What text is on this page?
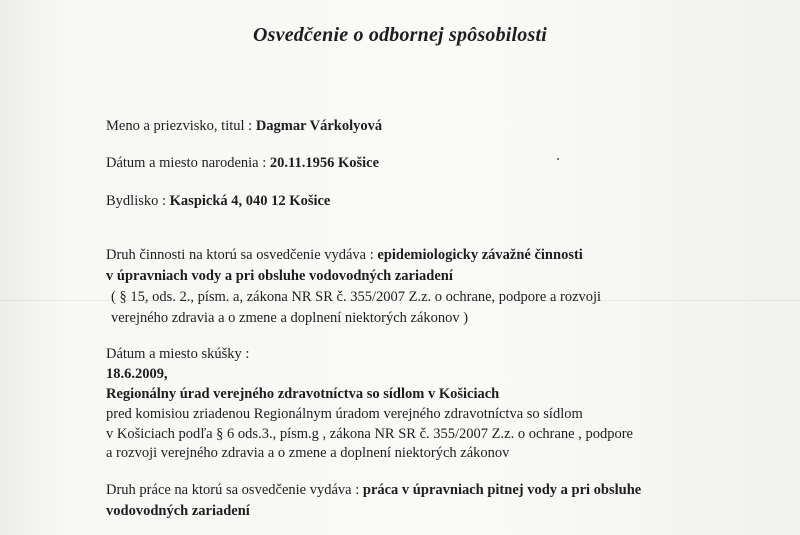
Osvedčenie o odbornej spôsobilosti
Meno a priezvisko, titul : Dagmar Várkolyová
Dátum a miesto narodenia : 20.11.1956 Košice
Bydlisko : Kaspická 4, 040 12 Košice
Druh činnosti na ktorú sa osvedčenie vydáva : epidemiologicky závažné činnosti
v úpravniach vody a pri obsluhe vodovodných zariadení
( § 15, ods. 2., písm. a, zákona NR SR č. 355/2007 Z.z. o ochrane, podpore a rozvoji
verejného zdravia a o zmene a doplnení niektorých zákonov )
Dátum a miesto skúšky :
18.6.2009,
Regionálny úrad verejného zdravotníctva so sídlom v Košiciach
pred komisiou zriadenou Regionálnym úradom verejného zdravotníctva so sídlom
v Košiciach podľa § 6 ods.3., písm.g , zákona NR SR č. 355/2007 Z.z. o ochrane , podpore
a rozvoji verejného zdravia a o zmene a doplnení niektorých zákonov
Druh práce na ktorú sa osvedčenie vydáva : práca v úpravniach pitnej vody a pri obsluhe
vodovodných zariadení
